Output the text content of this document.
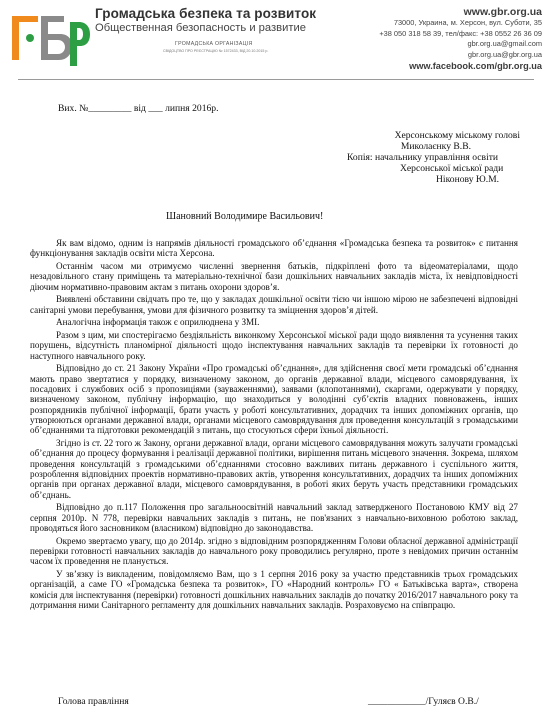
Громадська безпека та розвиток
Общественная безопасность и развитие
ГРОМАДСЬКА ОРГАНІЗАЦІЯ
СВІДОЦТВО ПРО РЕЄСТРАЦІЮ № 1572433, ВІД 20.10.2015 р.
www.gbr.org.ua
73000, Украина, м. Херсон, вул. Суботи, 35
+38 050 318 58 39, тел/факс: +38 0552 26 36 09
gbr.org.ua@gmail.com
gbr.org.ua@gbr.org.ua
www.facebook.com/gbr.org.ua
Вих. №_________ від ___ липня 2016р.
Херсонському міському голові
Миколаєнку В.В.
Копія: начальнику управління освіти
Херсонської міської ради
Ніконову Ю.М.
Шановний Володимире Васильович!

Як вам відомо, одним із напрямів діяльності громадського об’єднання «Громадська безпека та розвиток» є питання функціонування закладів освіти міста Херсона.

Останнім часом ми отримуємо численні звернення батьків, підкріплені фото та відеоматеріалами, щодо незадовільного стану приміщень та матеріально-технічної бази дошкільних навчальних закладів міста, їх невідповідності діючим нормативно-правовим актам з питань охорони здоров’я.

Виявлені обставини свідчать про те, що у закладах дошкільної освіти тією чи іншою мірою не забезпечені відповідні санітарні умови перебування, умови для фізичного розвитку та зміцнення здоров’я дітей.

Аналогічна інформація також є оприлюднена у ЗМІ.

Разом з цим, ми спостерігаємо бездіяльність виконкому Херсонської міської ради щодо виявлення та усунення таких порушень, відсутність планомірної діяльності щодо інспектування навчальних закладів та перевірки їх готовності до наступного навчального року.

Відповідно до ст. 21 Закону України «Про громадські об’єднання», для здійснення своєї мети громадські об’єднання мають право звертатися у порядку, визначеному законом, до органів державної влади, місцевого самоврядування, їх посадових і службових осіб з пропозиціями (зауваженнями), заявами (клопотаннями), скаргами, одержувати у порядку, визначеному законом, публічну інформацію, що знаходиться у володінні суб’єктів владних повноважень, інших розпорядників публічної інформації, брати участь у роботі консультативних, дорадчих та інших допоміжних органів, що утворюються органами державної влади, органами місцевого самоврядування для проведення консультацій з громадськими об’єднаннями та підготовки рекомендацій з питань, що стосуються сфери їхньої діяльності.

Згідно із ст. 22 того ж Закону, органи державної влади, органи місцевого самоврядування можуть залучати громадські об’єднання до процесу формування і реалізації державної політики, вирішення питань місцевого значення. Зокрема, шляхом проведення консультацій з громадськими об’єднаннями стосовно важливих питань державного і суспільного життя, розроблення відповідних проектів нормативно-правових актів, утворення консультативних, дорадчих та інших допоміжних органів при органах державної влади, місцевого самоврядування, в роботі яких беруть участь представники громадських об’єднань.

Відповідно до п.117 Положення про загальноосвітній навчальний заклад затвердженого Постановою КМУ від 27 серпня 2010р. N 778, перевірки навчальних закладів з питань, не пов'язаних з навчально-виховною роботою заклад, проводяться його засновником (власником) відповідно до законодавства.

Окремо звертаємо увагу, що до 2014р. згідно з відповідним розпорядженням Голови обласної державної адміністрації перевірки готовності навчальних закладів до навчального року проводились регулярно, проте з невідомих причин останнім часом їх проведення не планується.

У зв’язку із викладеним, повідомляємо Вам, що з 1 серпня 2016 року за участю представників трьох громадських організацій, а саме ГО «Громадська безпека та розвиток», ГО «Народний контроль» ГО « Батьківська варта», створена комісія для інспектування (перевірки) готовності дошкільних навчальних закладів до початку 2016/2017 навчального року та дотримання ними Санітарного регламенту для дошкільних навчальних закладів. Розраховуємо на співпрацю.

Голова правління	____________/Гуляєв О.В./
